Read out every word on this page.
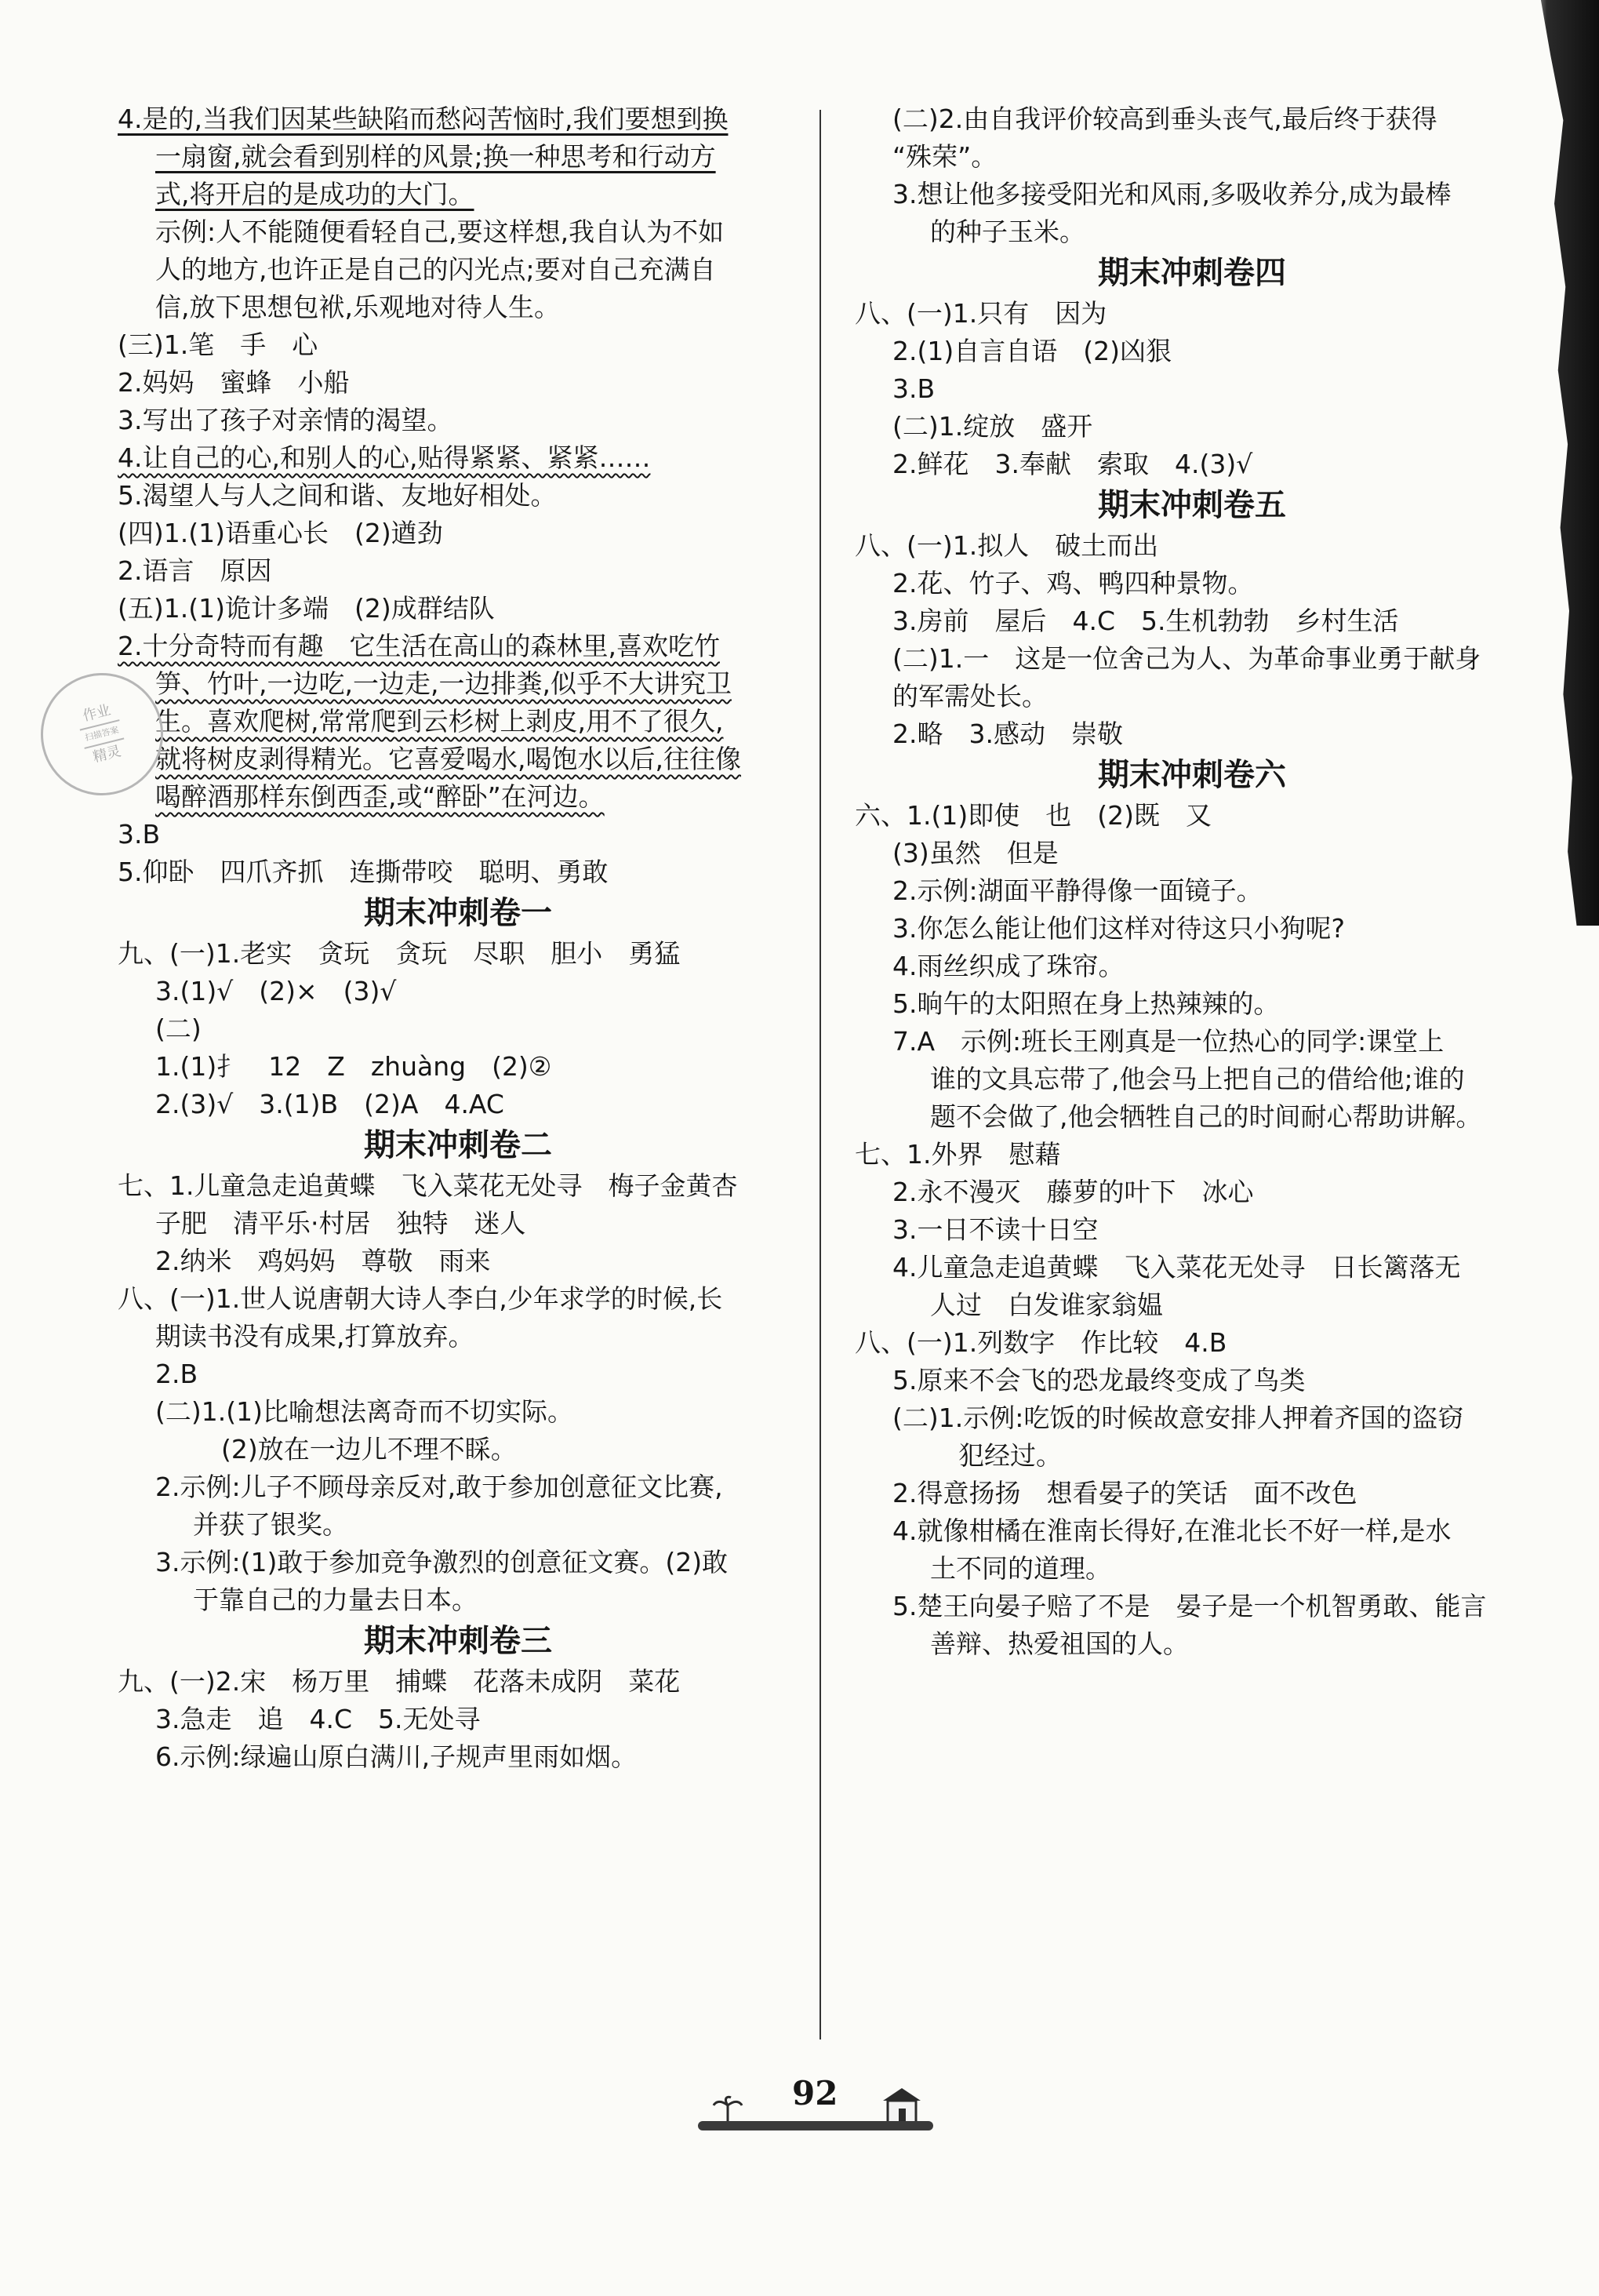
4.是的,当我们因某些缺陷而愁闷苦恼时,我们要想到换
一扇窗,就会看到别样的风景;换一种思考和行动方
式,将开启的是成功的大门。
示例:人不能随便看轻自己,要这样想,我自认为不如
人的地方,也许正是自己的闪光点;要对自己充满自
信,放下思想包袱,乐观地对待人生。
(三)1.笔　手　心
2.妈妈　蜜蜂　小船
3.写出了孩子对亲情的渴望。
4.让自己的心,和别人的心,贴得紧紧、紧紧……
5.渴望人与人之间和谐、友地好相处。
(四)1.(1)语重心长　(2)遒劲
2.语言　原因
(五)1.(1)诡计多端　(2)成群结队
2.十分奇特而有趣　它生活在高山的森林里,喜欢吃竹
笋、竹叶,一边吃,一边走,一边排粪,似乎不大讲究卫
生。喜欢爬树,常常爬到云杉树上剥皮,用不了很久,
就将树皮剥得精光。它喜爱喝水,喝饱水以后,往往像
喝醉酒那样东倒西歪,或“醉卧”在河边。
3.B
5.仰卧　四爪齐抓　连撕带咬　聪明、勇敢
期末冲刺卷一
九、(一)1.老实　贪玩　贪玩　尽职　胆小　勇猛
3.(1)√　(2)×　(3)√
(二)
1.(1)扌　12　Z　zhuàng　(2)②
2.(3)√　3.(1)B　(2)A　4.AC
期末冲刺卷二
七、1.儿童急走追黄蝶　飞入菜花无处寻　梅子金黄杏
子肥　清平乐·村居　独特　迷人
2.纳米　鸡妈妈　尊敬　雨来
八、(一)1.世人说唐朝大诗人李白,少年求学的时候,长
期读书没有成果,打算放弃。
2.B
(二)1.(1)比喻想法离奇而不切实际。
(2)放在一边儿不理不睬。
2.示例:儿子不顾母亲反对,敢于参加创意征文比赛,
并获了银奖。
3.示例:(1)敢于参加竞争激烈的创意征文赛。(2)敢
于靠自己的力量去日本。
期末冲刺卷三
九、(一)2.宋　杨万里　捕蝶　花落未成阴　菜花
3.急走　追　4.C　5.无处寻
6.示例:绿遍山原白满川,子规声里雨如烟。
(二)2.由自我评价较高到垂头丧气,最后终于获得
“殊荣”。
3.想让他多接受阳光和风雨,多吸收养分,成为最棒
的种子玉米。
期末冲刺卷四
八、(一)1.只有　因为
2.(1)自言自语　(2)凶狠
3.B
(二)1.绽放　盛开
2.鲜花　3.奉献　索取　4.(3)√
期末冲刺卷五
八、(一)1.拟人　破土而出
2.花、竹子、鸡、鸭四种景物。
3.房前　屋后　4.C　5.生机勃勃　乡村生活
(二)1.一　这是一位舍己为人、为革命事业勇于献身
的军需处长。
2.略　3.感动　崇敬
期末冲刺卷六
六、1.(1)即使　也　(2)既　又
(3)虽然　但是
2.示例:湖面平静得像一面镜子。
3.你怎么能让他们这样对待这只小狗呢?
4.雨丝织成了珠帘。
5.晌午的太阳照在身上热辣辣的。
7.A　示例:班长王刚真是一位热心的同学:课堂上
谁的文具忘带了,他会马上把自己的借给他;谁的
题不会做了,他会牺牲自己的时间耐心帮助讲解。
七、1.外界　慰藉
2.永不漫灭　藤萝的叶下　冰心
3.一日不读十日空
4.儿童急走追黄蝶　飞入菜花无处寻　日长篱落无
人过　白发谁家翁媪
八、(一)1.列数字　作比较　4.B
5.原来不会飞的恐龙最终变成了鸟类
(二)1.示例:吃饭的时候故意安排人押着齐国的盗窃
犯经过。
2.得意扬扬　想看晏子的笑话　面不改色
4.就像柑橘在淮南长得好,在淮北长不好一样,是水
土不同的道理。
5.楚王向晏子赔了不是　晏子是一个机智勇敢、能言
善辩、热爱祖国的人。
作业
扫描答案
精灵
92
